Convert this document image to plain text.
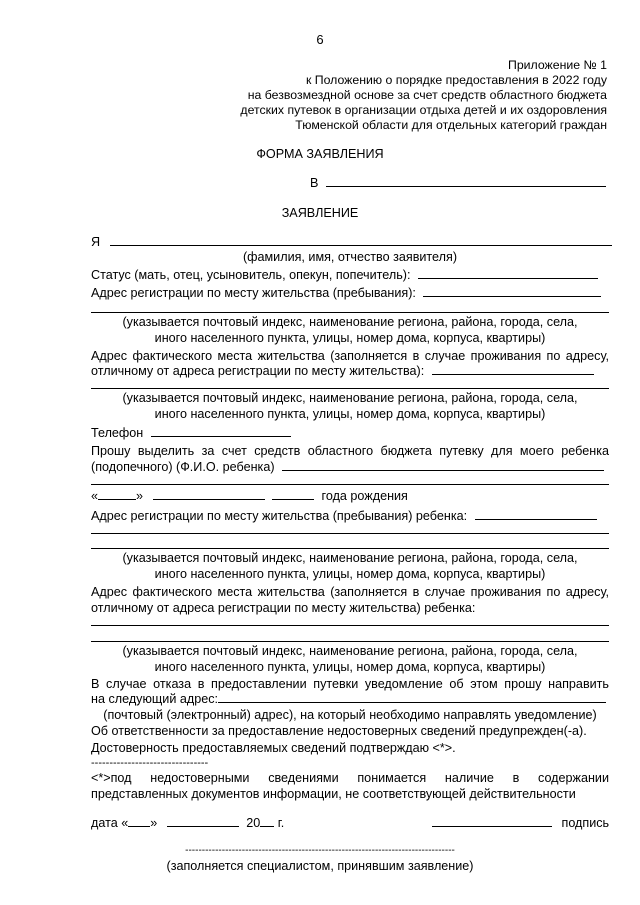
6
Приложение № 1
к Положению о порядке предоставления в 2022 году
на безвозмездной основе за счет средств областного бюджета
детских путевок в организации отдыха детей и их оздоровления
Тюменской области для отдельных категорий граждан
ФОРМА ЗАЯВЛЕНИЯ
В
ЗАЯВЛЕНИЕ
Я
(фамилия, имя, отчество заявителя)
Статус (мать, отец, усыновитель, опекун, попечитель):
Адрес регистрации по месту жительства (пребывания):
(указывается почтовый индекс, наименование региона, района, города, села,
иного населенного пункта, улицы, номер дома, корпуса, квартиры)
Адрес фактического места жительства (заполняется в случае проживания по адресу,
отличному от адреса регистрации по месту жительства):
(указывается почтовый индекс, наименование региона, района, города, села,
иного населенного пункта, улицы, номер дома, корпуса, квартиры)
Телефон
Прошу выделить за счет средств областного бюджета путевку для моего ребенка
(подопечного) (Ф.И.О. ребенка)
«	»	года рождения
Адрес регистрации по месту жительства (пребывания) ребенка:
(указывается почтовый индекс, наименование региона, района, города, села,
иного населенного пункта, улицы, номер дома, корпуса, квартиры)
Адрес фактического места жительства (заполняется в случае проживания по адресу,
отличному от адреса регистрации по месту жительства) ребенка:
(указывается почтовый индекс, наименование региона, района, города, села,
иного населенного пункта, улицы, номер дома, корпуса, квартиры)
В случае отказа в предоставлении путевки уведомление об этом прошу направить
на следующий адрес:
(почтовый (электронный) адрес), на который необходимо направлять уведомление)
Об ответственности за предоставление недостоверных сведений предупрежден(-а).
Достоверность предоставляемых сведений подтверждаю <*>.
--------------------------------
<*>под недостоверными сведениями понимается наличие в содержании
представленных документов информации, не соответствующей действительности
дата « »	20 г.	подпись
---------------------------------------------------------------------------------
(заполняется специалистом, принявшим заявление)
